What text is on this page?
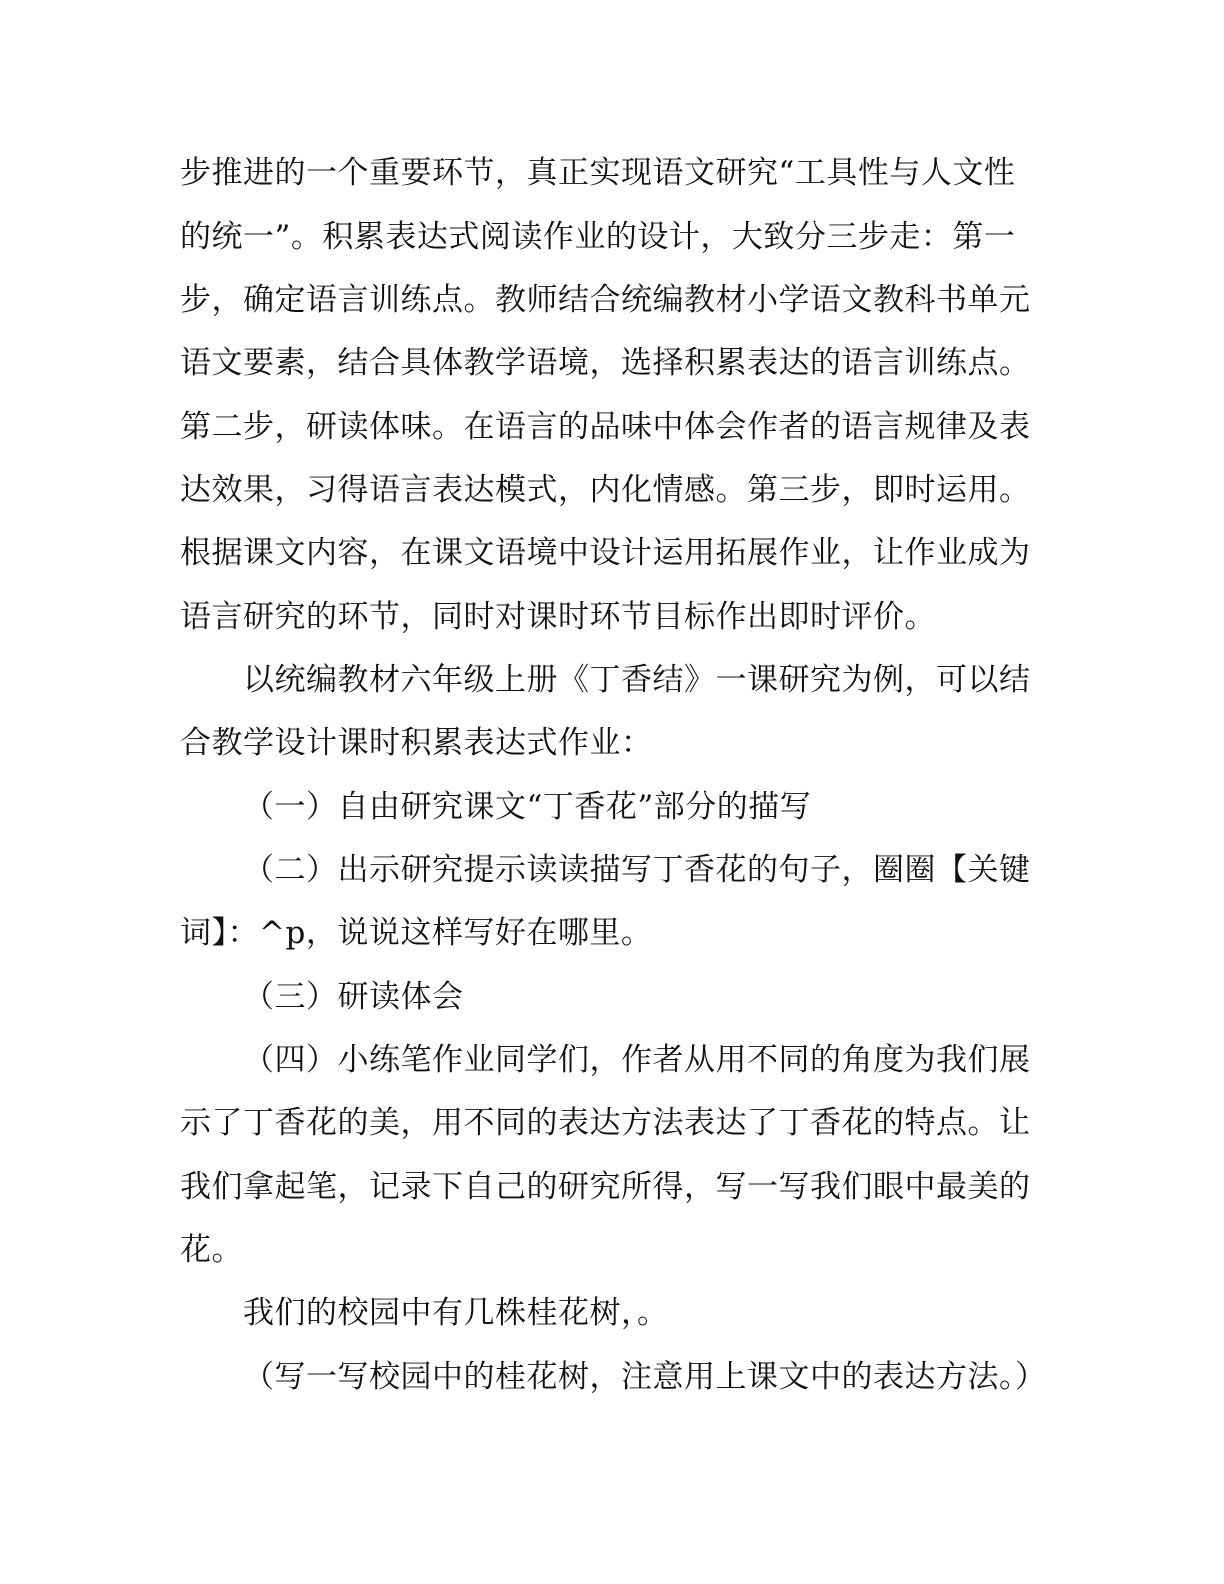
步推进的一个重要环节，真正实现语文研究“工具性与人文性
的统一”。积累表达式阅读作业的设计，大致分三步走：第一
步，确定语言训练点。教师结合统编教材小学语文教科书单元
语文要素，结合具体教学语境，选择积累表达的语言训练点。
第二步，研读体味。在语言的品味中体会作者的语言规律及表
达效果，习得语言表达模式，内化情感。第三步，即时运用。
根据课文内容，在课文语境中设计运用拓展作业，让作业成为
语言研究的环节，同时对课时环节目标作出即时评价。
以统编教材六年级上册《丁香结》一课研究为例，可以结
合教学设计课时积累表达式作业：
（一）自由研究课文“丁香花”部分的描写
（二）出示研究提示读读描写丁香花的句子，圈圈【关键
词】：^p，说说这样写好在哪里。
（三）研读体会
（四）小练笔作业同学们，作者从用不同的角度为我们展
示了丁香花的美，用不同的表达方法表达了丁香花的特点。让
我们拿起笔，记录下自己的研究所得，写一写我们眼中最美的
花。
我们的校园中有几株桂花树，。
（写一写校园中的桂花树，注意用上课文中的表达方法。）
